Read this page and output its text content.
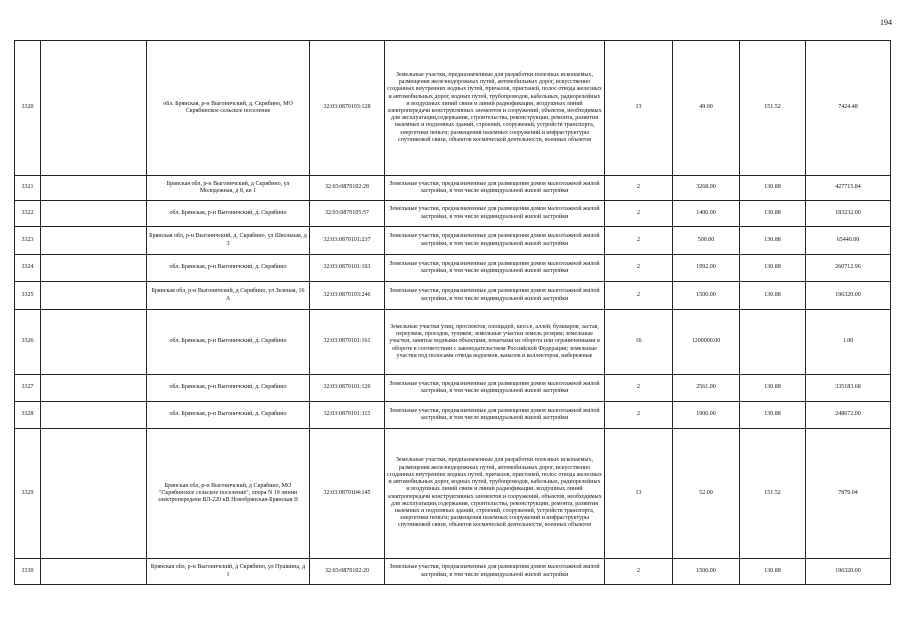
194
3320		обл. Брянская, р-н Выгоничский, д. Скрябино, МО Скрябинское сельское поселение	32:03:0870103:128	Земельные участки, предназначенные для разработки полезных ископаемых, размещения железнодорожных путей, автомобильных дорог, искусственно созданных внутренних водных путей, причалов, пристаней, полос отвода железных и автомобильных дорог, водных путей, трубопроводов, кабельных, радиорелейных и воздушных линий связи и линий радиофикации, воздушных линий электропередачи конструктивных элементов и сооружений, объектов, необходимых для эксплуатации,содержания, строительства, реконструкции, ремонта, развития наземных и подземных зданий, строений, сооружений, устройств транспорта, энергетики пеньги; размещения наземных сооружений и инфраструктуры спутниковой связи, объектов космической деятельности, военных объектов	13	49.00	151.52	7424.48
3321		Брянская обл, р-н Выгоничский, д Скрябино, ул Молодежная, д 8, кв 1	32:03:0870102:28	Земельные участки, предназначенные для размещения домов малоэтажной жилой застройки, в том числе индивидуальной жилой застройки	2	3268.00	130.88	427715.84
3322		обл. Брянская, р-н Выгоничский, д. Скрябино	32:03:0870105:57	Земельные участки, предназначенные для размещения домов малоэтажной жилой застройки, в том числе индивидуальной жилой застройки	2	1400.00	130.88	183232.00
3323		Брянская обл, р-н Выгоничский, д. Скрябино, ул Школьная, д 3	32:03:0870101:237	Земельные участки, предназначенные для размещения домов малоэтажной жилой застройки, в том числе индивидуальной жилой застройки	2	500.00	130.88	65440.00
3324		обл. Брянская, р-н Выгоничский, д. Скрябино	32:03:0870101:103	Земельные участки, предназначенные для размещения домов малоэтажной жилой застройки, в том числе индивидуальной жилой застройки	2	1992.00	130.88	260712.96
3325		Брянская обл, р-н Выгоничский, д Скрябино, ул Зеленая, 16 А	32:03:0870103:246	Земельные участки, предназначенные для размещения домов малоэтажной жилой застройки, в том числе индивидуальной жилой застройки	2	1500.00	130.88	196320.00
3326		обл. Брянская, р-н Выгоничский, д. Скрябино	32:03:0870101:161	Земельные участки улиц, проспектов, площадей, шоссе, аллей, бульваров, застав, переулков, проездов, тупиков; земельные участки земель резерва; земельные участки, занятые водными объектами, изъятыми из оборота или ограниченными в обороте в соответствии с законодательством Российской Федерации; земельные участки под полосами отвода водоемов, каналов и коллекторов, набережные	16	1200000.00		1.00
3327		обл. Брянская, р-н Выгоничский, д. Скрябино	32:03:0870101:126	Земельные участки, предназначенные для размещения домов малоэтажной жилой застройки, в том числе индивидуальной жилой застройки	2	2561.00	130.88	335183.68
3328		обл. Брянская, р-н Выгоничский, д. Скрябино	32:03:0870101:115	Земельные участки, предназначенные для размещения домов малоэтажной жилой застройки, в том числе индивидуальной жилой застройки	2	1900.00	130.88	248672.00
3329		Брянская обл, р-н Выгоничский, д Скрябино, МО "Скрябинское сельское поселение", опора N 19 линии электропередачи ВЛ-220 кВ Новобрянская-Брянская II	32:03:0870104:145	Земельные участки, предназначенные для разработки полезных ископаемых, размещения железнодорожных путей, автомобильных дорог, искусственно созданных внутренних водных путей, причалов, пристаней, полос отвода железных и автомобильных дорог, водных путей, трубопроводов, кабельных, радиорелейных и воздушных линий связи и линий радиофикации, воздушных линий электропередачи конструктивных элементов и сооружений, объектов, необходимых для эксплуатации,содержания, строительства, реконструкции, ремонта, развития наземных и подземных зданий, строений, сооружений, устройств транспорта, энергетики пеньги; размещения наземных сооружений и инфраструктуры спутниковой связи, объектов космической деятельности, военных объектов	13	52.00	151.52	7879.04
3330		Брянская обл, р-н Выгоничский, д Скрябино, ул Пушкина, д 1	32:03:0870102:20	Земельные участки, предназначенные для размещения домов малоэтажной жилой застройки, в том числе индивидуальной жилой застройки	2	1500.00	130.88	196320.00
